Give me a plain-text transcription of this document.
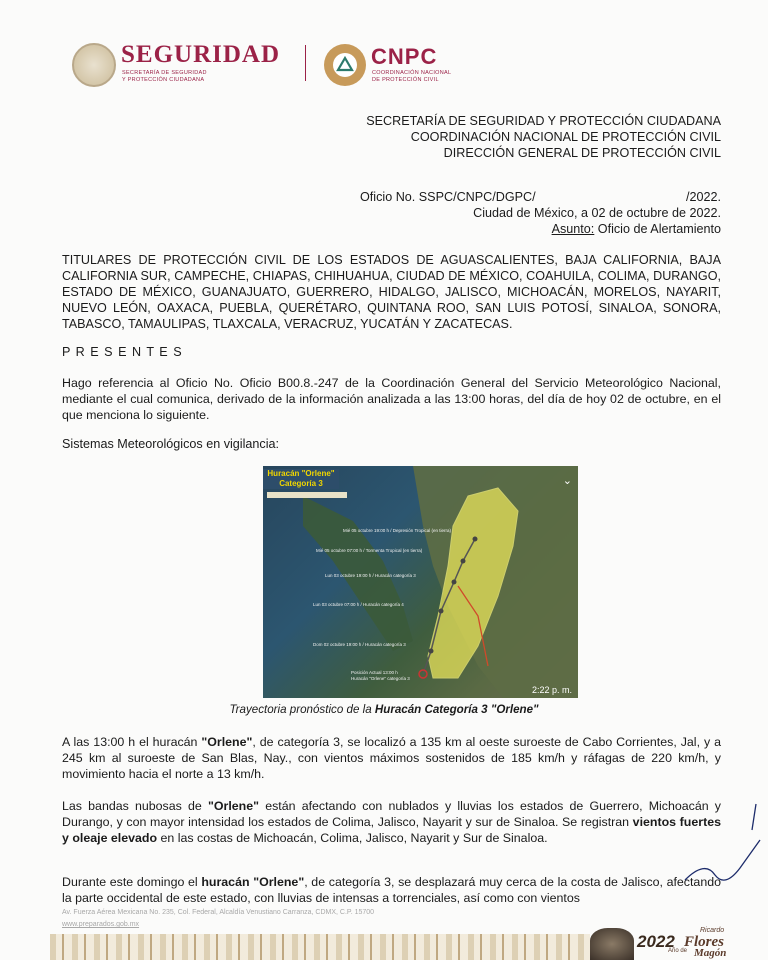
SEGURIDAD
SECRETARÍA DE SEGURIDAD
Y PROTECCIÓN CIUDADANA
CNPC
COORDINACIÓN NACIONAL
DE PROTECCIÓN CIVIL
SECRETARÍA DE SEGURIDAD Y PROTECCIÓN CIUDADANA
COORDINACIÓN NACIONAL DE PROTECCIÓN CIVIL
DIRECCIÓN GENERAL DE PROTECCIÓN CIVIL
Oficio No. SSPC/CNPC/DGPC/	/2022.
Ciudad de México, a 02 de octubre de 2022.
Asunto: Oficio de Alertamiento
TITULARES DE PROTECCIÓN CIVIL DE LOS ESTADOS DE AGUASCALIENTES, BAJA CALIFORNIA, BAJA CALIFORNIA SUR, CAMPECHE, CHIAPAS, CHIHUAHUA, CIUDAD DE MÉXICO, COAHUILA, COLIMA, DURANGO, ESTADO DE MÉXICO, GUANAJUATO, GUERRERO, HIDALGO, JALISCO, MICHOACÁN, MORELOS, NAYARIT, NUEVO LEÓN, OAXACA, PUEBLA, QUERÉTARO, QUINTANA ROO, SAN LUIS POTOSÍ, SINALOA, SONORA, TABASCO, TAMAULIPAS, TLAXCALA, VERACRUZ, YUCATÁN Y ZACATECAS.
P R E S E N T E S
Hago referencia al Oficio No. Oficio B00.8.-247 de la Coordinación General del Servicio Meteorológico Nacional, mediante el cual comunica, derivado de la información analizada a las 13:00 horas, del día de hoy 02 de octubre, en el que menciona lo siguiente.
Sistemas Meteorológicos en vigilancia:
Huracán "Orlene"
Categoría 3	⌄
Mié 05 octubre 19:00 h / Depresión Tropical (en tierra)
Mié 05 octubre 07:00 h / Tormenta Tropical (en tierra)
Lun 03 octubre 19:00 h / Huracán categoría 3
Lun 03 octubre 07:00 h / Huracán categoría 4
Dom 02 octubre 19:00 h / Huracán categoría 3
Posición Actual 13:00 h
Huracán "Orlene" categoría 3
2:22 p. m.
Trayectoria pronóstico de la Huracán Categoría 3 "Orlene"
A las 13:00 h el huracán "Orlene", de categoría 3, se localizó a 135 km al oeste suroeste de Cabo Corrientes, Jal, y a 245 km al suroeste de San Blas, Nay., con vientos máximos sostenidos de 185 km/h y ráfagas de 220 km/h, y movimiento hacia el norte a 13 km/h.
Las bandas nubosas de "Orlene" están afectando con nublados y lluvias los estados de Guerrero, Michoacán y Durango, y con mayor intensidad los estados de Colima, Jalisco, Nayarit y sur de Sinaloa. Se registran vientos fuertes y oleaje elevado en las costas de Michoacán, Colima, Jalisco, Nayarit y Sur de Sinaloa.
Durante este domingo el huracán "Orlene", de categoría 3, se desplazará muy cerca de la costa de Jalisco, afectando la parte occidental de este estado, con lluvias de intensas a torrenciales, así como con vientos
Av. Fuerza Aérea Mexicana No. 235, Col. Federal, Alcaldía Venustiano Carranza, CDMX, C.P. 15700
www.preparados.gob.mx
2022
Ricardo
Flores
Año de Magón
